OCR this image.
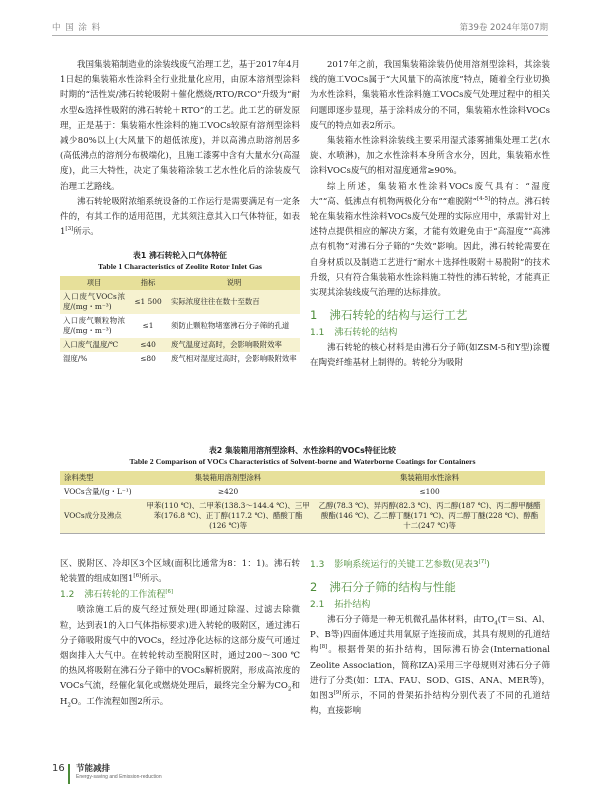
中 国 涂 料	第39卷 2024年第07期

我国集装箱制造业的涂装线废气治理工艺，基于2017年4月1日起的集装箱水性涂料全行业批量化应用，由原本溶剂型涂料时期的“活性炭/沸石转轮吸附＋催化燃烧/RTO/RCO”升级为“耐水型&选择性吸附的沸石转轮＋RTO”的工艺。此工艺的研发原理，正是基于：集装箱水性涂料的施工VOCs较原有溶剂型涂料减少80%以上(大风量下的超低浓度)，并以高沸点助溶剂居多(高低沸点的溶剂分布极端化)，且施工漆雾中含有大量水分(高湿度)，此三大特性，决定了集装箱涂装工艺水性化后的涂装废气治理工艺路线。

沸石转轮吸附浓缩系统设备的工作运行是需要满足有一定条件的，有其工作的适用范围，尤其须注意其入口气体特征，如表1[3]所示。

表1 沸石转轮入口气体特征
Table 1 Characteristics of Zeolite Rotor Inlet Gas
项目	指标	说明
入口废气VOCs浓度/(mg・m⁻³)	≤1 500	实际浓度往往在数十至数百
入口废气颗粒物浓度/(mg・m⁻³)	≤1	须防止颗粒物堵塞沸石分子筛的孔道
入口废气温度/℃	≤40	废气温度过高时，会影响吸附效率
湿度/%	≤80	废气相对湿度过高时，会影响吸附效率

2017年之前，我国集装箱涂装仍使用溶剂型涂料，其涂装线的施工VOCs属于“大风量下的高浓度”特点，随着全行业切换为水性涂料，集装箱水性涂料施工VOCs废气处理过程中的相关问题即逐步显现，基于涂料成分的不同，集装箱水性涂料VOCs废气的特点如表2所示。

集装箱水性涂料涂装线主要采用湿式漆雾捕集处理工艺(水旋、水喷淋)，加之水性涂料本身所含水分，因此，集装箱水性涂料VOCs废气的相对湿度通常≥90%。

综上所述，集装箱水性涂料VOCs废气具有：“湿度大”“高、低沸点有机物两极化分布”“难脱附”[4-5]的特点。沸石转轮在集装箱水性涂料VOCs废气处理的实际应用中，承需针对上述特点提供相应的解决方案，才能有效避免由于“高湿度”“高沸点有机物”对沸石分子筛的“失效”影响。因此，沸石转轮需要在自身材质以及制造工艺进行“耐水＋选择性吸附＋易脱附”的技术升级，只有符合集装箱水性涂料施工特性的沸石转轮，才能真正实现其涂装线废气治理的达标排放。

1 沸石转轮的结构与运行工艺
1.1 沸石转轮的结构

沸石转轮的核心材料是由沸石分子筛(如ZSM-5和Y型)涂覆在陶瓷纤维基材上制得的。转轮分为吸附

表2 集装箱用溶剂型涂料、水性涂料的VOCs特征比较
Table 2 Comparison of VOCs Characteristics of Solvent-borne and Waterborne Coatings for Containers
涂料类型	集装箱用溶剂型涂料	集装箱用水性涂料
VOCs含量/(g・L⁻¹)	≥420	≤100
VOCs成分及沸点	甲苯(110 ℃)、二甲苯(138.3～144.4 ℃)、三甲苯(176.8 ℃)、正丁醇(117.2 ℃)、醋酸丁酯(126 ℃)等	乙醇(78.3 ℃)、异丙醇(82.3 ℃)、丙二醇(187 ℃)、丙二醇甲醚醋酸酯(146 ℃)、乙二醇丁醚(171 ℃)、丙二醇丁醚(228 ℃)、醇酯十二(247 ℃)等

区、脱附区、冷却区3个区域(面积比通常为8：1：1)。沸石转轮装置的组成如图1[6]所示。

1.2 沸石转轮的工作流程[6]

喷涂施工后的废气经过预处理(即通过除湿、过滤去除微粒，达到表1的入口气体指标要求)进入转轮的吸附区，通过沸石分子筛吸附废气中的VOCs，经过净化达标的这部分废气可通过烟囱排入大气中。在转轮转动至脱附区时，通过200～300 ℃的热风将吸附在沸石分子筛中的VOCs解析脱附，形成高浓度的VOCs气流，经催化氧化或燃烧处理后，最终完全分解为$CO_2$和$H_2O$。工作流程如图2所示。

1.3 影响系统运行的关键工艺参数(见表3[7])
2 沸石分子筛的结构与性能
2.1 拓扑结构

沸石分子筛是一种无机微孔晶体材料，由$TO_4(T=Si$、Al、P、B等)四面体通过共用氧原子连接而成，其具有规则的孔道结构[8]。根据骨架的拓扑结构，国际沸石协会(International Zeolite Association，简称IZA)采用三字母规则对沸石分子筛进行了分类(如：LTA、FAU、SOD、GIS、ANA、MER等)，如图3[9]所示，不同的骨架拓扑结构分别代表了不同的孔道结构，直接影响

16 节能减排
Energy-saving and Emission-reduction
